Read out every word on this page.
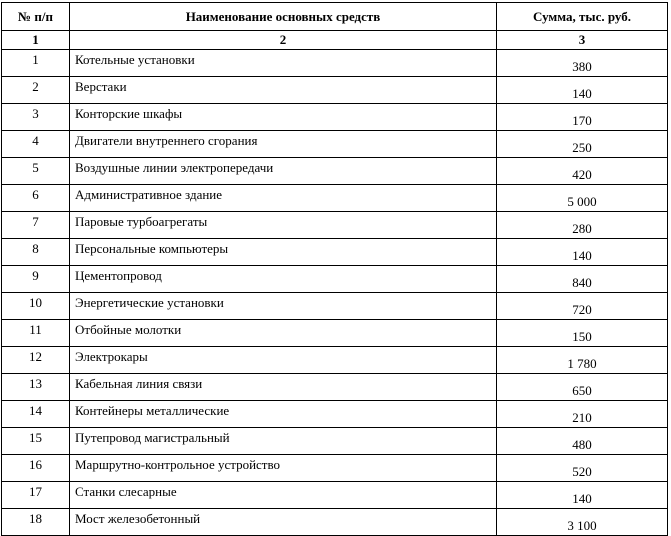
№ п/п	Наименование основных средств	Сумма, тыс. руб.
1	2	3
1	Котельные установки	380
2	Верстаки	140
3	Конторские шкафы	170
4	Двигатели внутреннего сгорания	250
5	Воздушные линии электропередачи	420
6	Административное здание	5 000
7	Паровые турбоагрегаты	280
8	Персональные компьютеры	140
9	Цементопровод	840
10	Энергетические установки	720
11	Отбойные молотки	150
12	Электрокары	1 780
13	Кабельная линия связи	650
14	Контейнеры металлические	210
15	Путепровод магистральный	480
16	Маршрутно-контрольное устройство	520
17	Станки слесарные	140
18	Мост железобетонный	3 100
